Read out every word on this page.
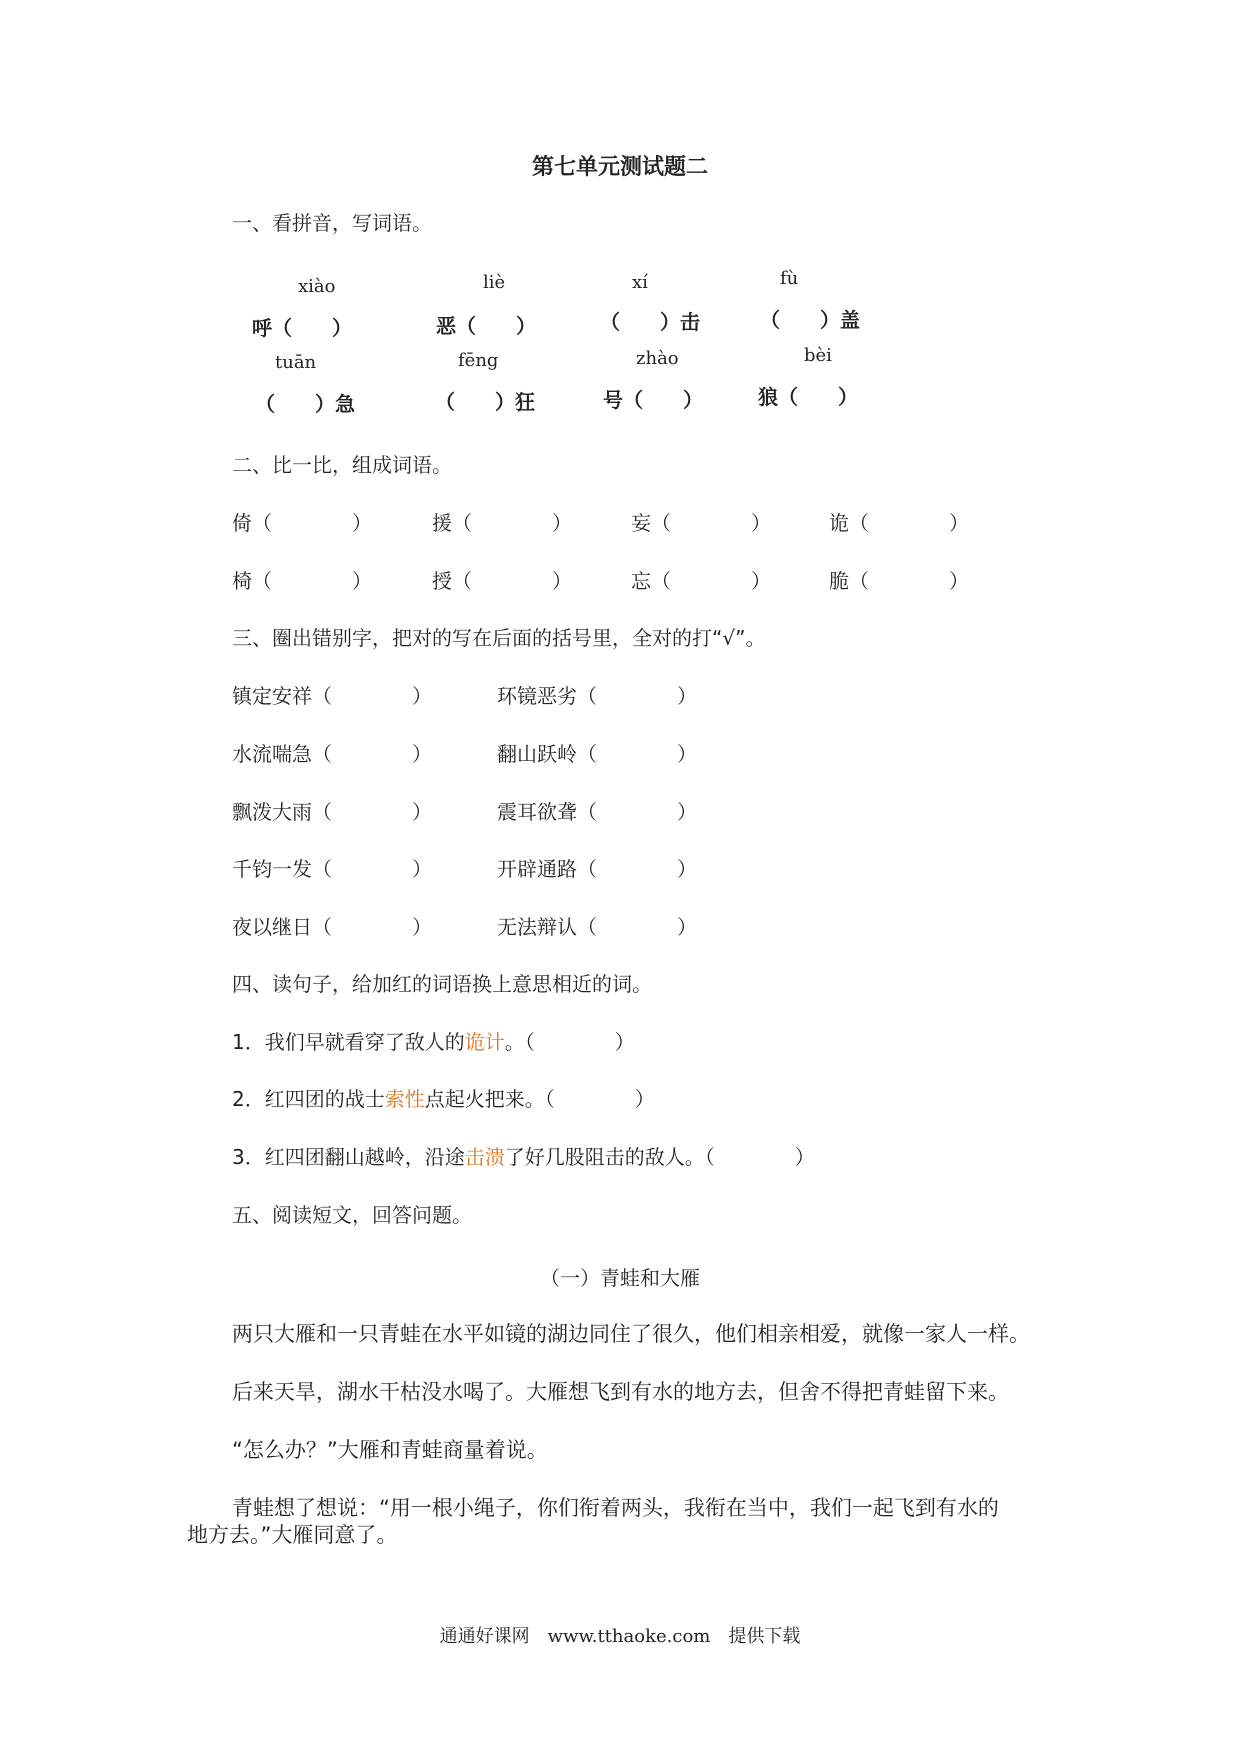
第七单元测试题二
一、看拼音，写词语。
xiào	liè	xí	fù
呼（　　）	恶（　　）	（　　）击	（　　）盖
tuān	fēng	zhào	bèi
（　　）急	（　　）狂	号（　　）	狼（　　）
二、比一比，组成词语。
倚（　　　　）	援（　　　　）	妄（　　　　）	诡（　　　　）
椅（　　　　）	授（　　　　）	忘（　　　　）	脆（　　　　）
三、圈出错别字，把对的写在后面的括号里，全对的打“√”。
镇定安祥（　　　　）	环镜恶劣（　　　　）
水流喘急（　　　　）	翻山跃岭（　　　　）
飘泼大雨（　　　　）	震耳欲聋（　　　　）
千钧一发（　　　　）	开辟通路（　　　　）
夜以继日（　　　　）	无法辩认（　　　　）
四、读句子，给加红的词语换上意思相近的词。
1．我们早就看穿了敌人的诡计。（　　　　）
2．红四团的战士索性点起火把来。（　　　　）
3．红四团翻山越岭，沿途击溃了好几股阻击的敌人。（　　　　）
五、阅读短文，回答问题。
（一）青蛙和大雁
两只大雁和一只青蛙在水平如镜的湖边同住了很久，他们相亲相爱，就像一家人一样。
后来天旱，湖水干枯没水喝了。大雁想飞到有水的地方去，但舍不得把青蛙留下来。
“怎么办？”大雁和青蛙商量着说。
青蛙想了想说：“用一根小绳子，你们衔着两头，我衔在当中，我们一起飞到有水的
地方去。”大雁同意了。
通通好课网　www.tthaoke.com　提供下载
